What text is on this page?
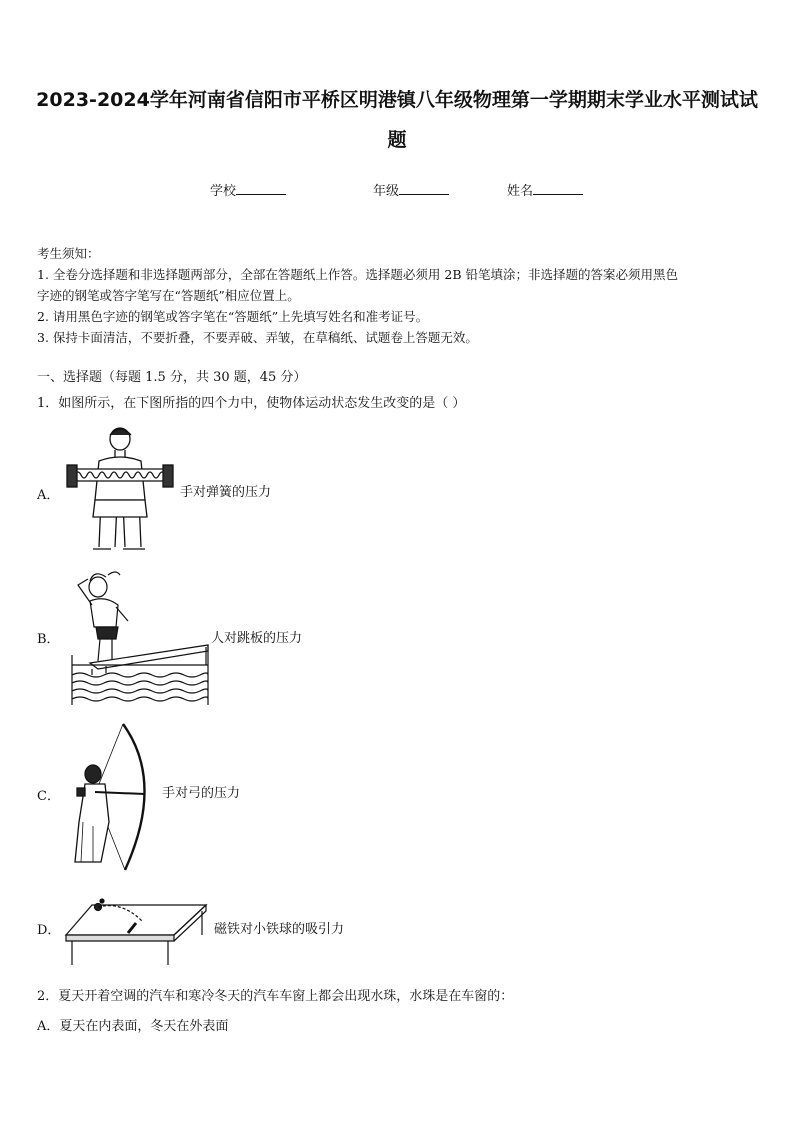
2023-2024学年河南省信阳市平桥区明港镇八年级物理第一学期期末学业水平测试试
题
学校	年级	姓名
考生须知：
1. 全卷分选择题和非选择题两部分，全部在答题纸上作答。选择题必须用 2B 铅笔填涂；非选择题的答案必须用黑色
字迹的钢笔或答字笔写在“答题纸”相应位置上。
2. 请用黑色字迹的钢笔或答字笔在“答题纸”上先填写姓名和准考证号。
3. 保持卡面清洁，不要折叠，不要弄破、弄皱，在草稿纸、试题卷上答题无效。
一、选择题（每题 1.5 分，共 30 题，45 分）
1．如图所示，在下图所指的四个力中，使物体运动状态发生改变的是（ ）
A．	手对弹簧的压力
B．	人对跳板的压力
C．	手对弓的压力
D．	磁铁对小铁球的吸引力
2．夏天开着空调的汽车和寒冷冬天的汽车车窗上都会出现水珠，水珠是在车窗的：
A．夏天在内表面，冬天在外表面
